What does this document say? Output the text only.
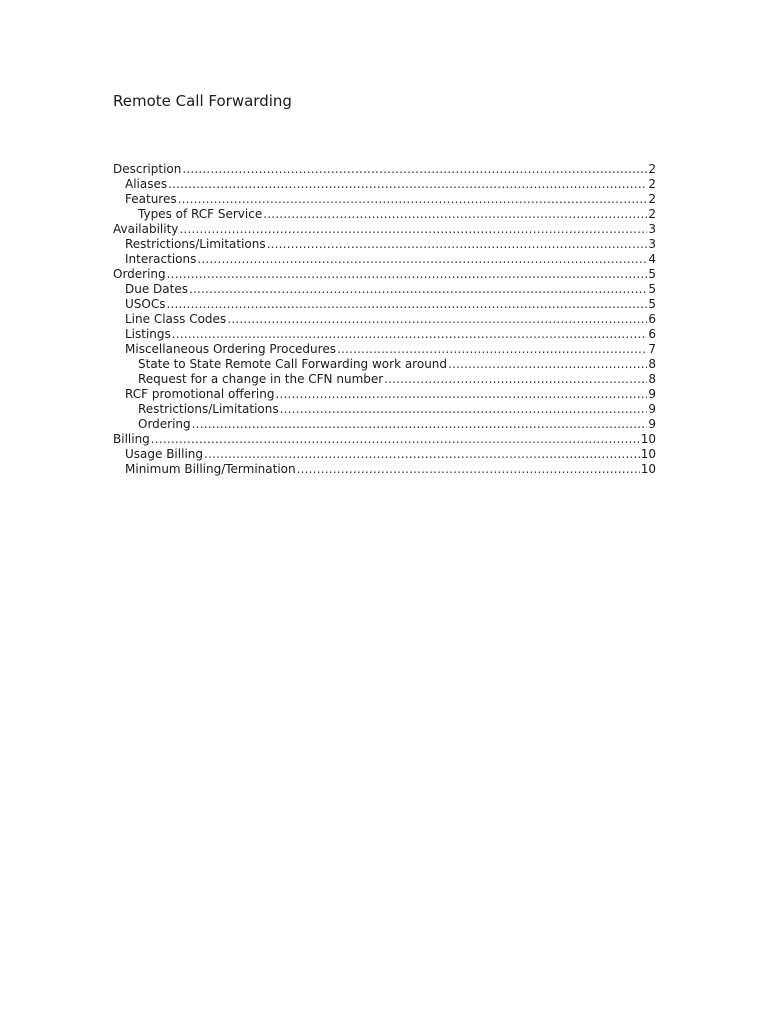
Remote Call Forwarding
Description .....	2
Aliases .....	2
Features .....	2
Types of RCF Service .....	2
Availability .....	3
Restrictions/Limitations .....	3
Interactions .....	4
Ordering .....	5
Due Dates .....	5
USOCs .....	5
Line Class Codes .....	6
Listings .....	6
Miscellaneous Ordering Procedures .....	7
State to State Remote Call Forwarding work around .....	8
Request for a change in the CFN number .....	8
RCF promotional offering .....	9
Restrictions/Limitations .....	9
Ordering .....	9
Billing .....	10
Usage Billing .....	10
Minimum Billing/Termination .....	10
